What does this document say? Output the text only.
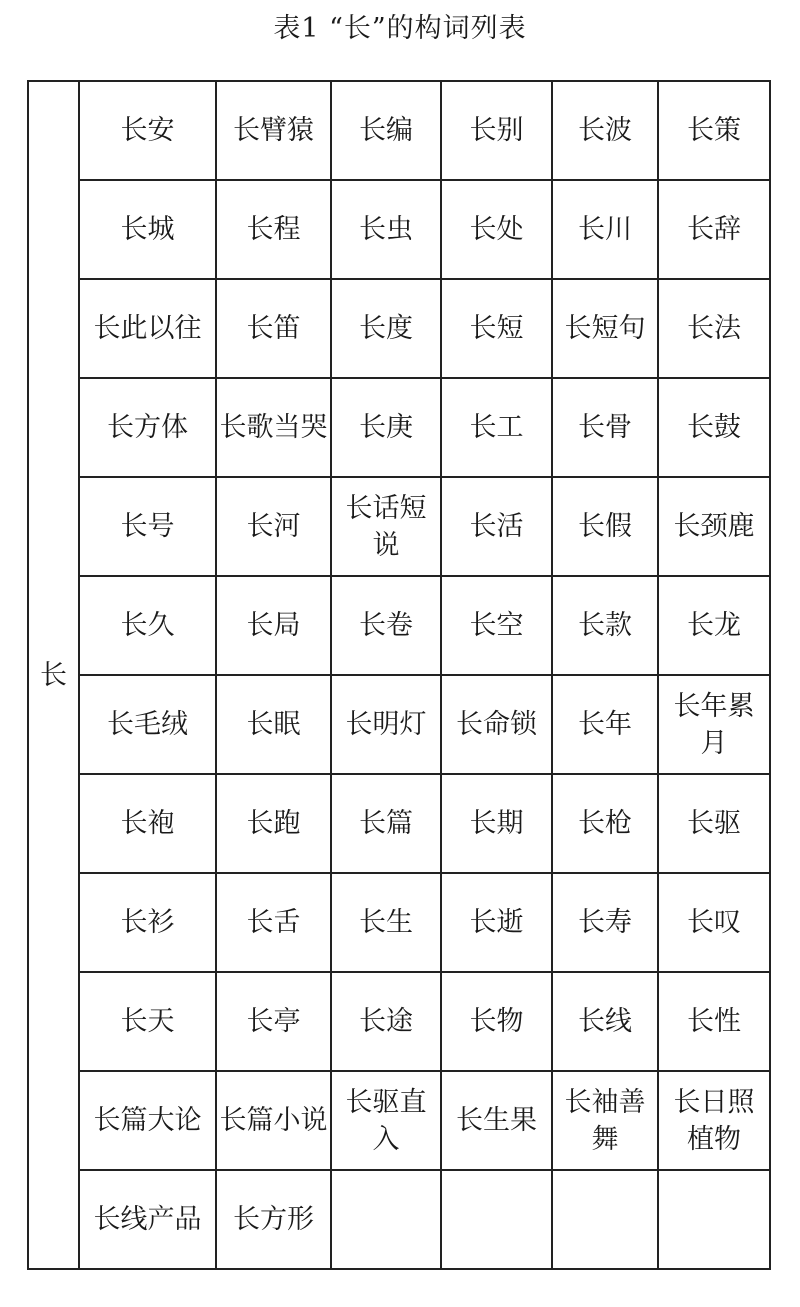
表1 “长”的构词列表
长	长安	长臂猿	长编	长别	长波	长策
	长城	长程	长虫	长处	长川	长辞
	长此以往	长笛	长度	长短	长短句	长法
	长方体	长歌当哭	长庚	长工	长骨	长鼓
	长号	长河	长话短说	长活	长假	长颈鹿
	长久	长局	长卷	长空	长款	长龙
	长毛绒	长眠	长明灯	长命锁	长年	长年累月
	长袍	长跑	长篇	长期	长枪	长驱
	长衫	长舌	长生	长逝	长寿	长叹
	长天	长亭	长途	长物	长线	长性
	长篇大论	长篇小说	长驱直入	长生果	长袖善舞	长日照植物
	长线产品	长方形				
